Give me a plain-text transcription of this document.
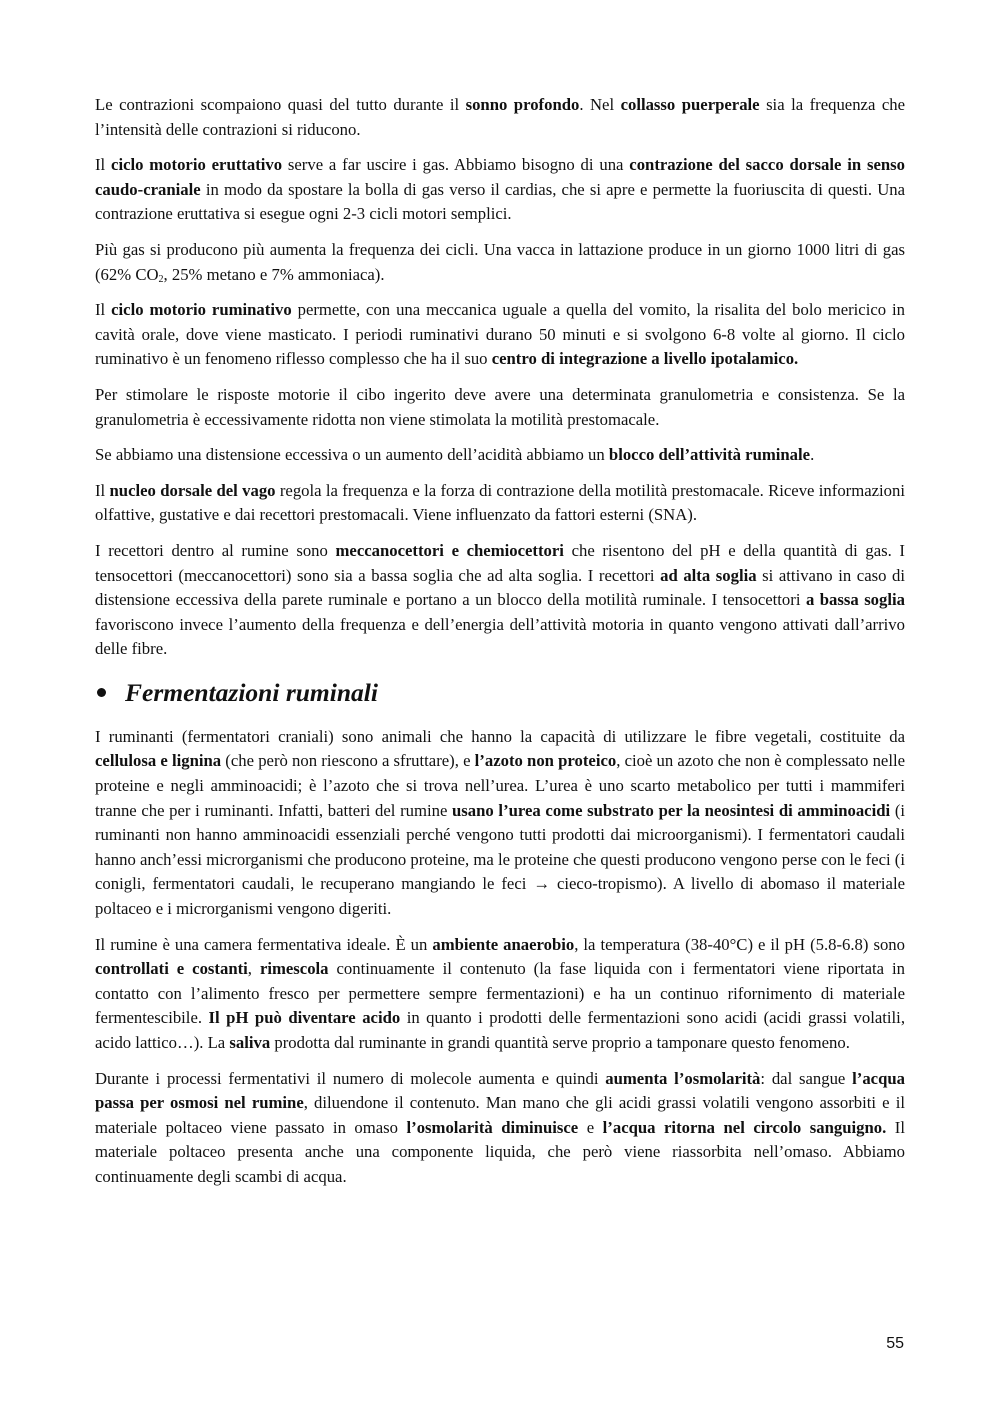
Le contrazioni scompaiono quasi del tutto durante il sonno profondo. Nel collasso puerperale sia la frequenza che l’intensità delle contrazioni si riducono.

Il ciclo motorio eruttativo serve a far uscire i gas. Abbiamo bisogno di una contrazione del sacco dorsale in senso caudo-craniale in modo da spostare la bolla di gas verso il cardias, che si apre e permette la fuoriuscita di questi. Una contrazione eruttativa si esegue ogni 2-3 cicli motori semplici.

Più gas si producono più aumenta la frequenza dei cicli. Una vacca in lattazione produce in un giorno 1000 litri di gas (62% $CO_2$, 25% metano e 7% ammoniaca).

Il ciclo motorio ruminativo permette, con una meccanica uguale a quella del vomito, la risalita del bolo mericico in cavità orale, dove viene masticato. I periodi ruminativi durano 50 minuti e si svolgono 6-8 volte al giorno. Il ciclo ruminativo è un fenomeno riflesso complesso che ha il suo centro di integrazione a livello ipotalamico.

Per stimolare le risposte motorie il cibo ingerito deve avere una determinata granulometria e consistenza. Se la granulometria è eccessivamente ridotta non viene stimolata la motilità prestomacale.

Se abbiamo una distensione eccessiva o un aumento dell’acidità abbiamo un blocco dell’attività ruminale.

Il nucleo dorsale del vago regola la frequenza e la forza di contrazione della motilità prestomacale. Riceve informazioni olfattive, gustative e dai recettori prestomacali. Viene influenzato da fattori esterni (SNA).

I recettori dentro al rumine sono meccanocettori e chemiocettori che risentono del pH e della quantità di gas. I tensocettori (meccanocettori) sono sia a bassa soglia che ad alta soglia. I recettori ad alta soglia si attivano in caso di distensione eccessiva della parete ruminale e portano a un blocco della motilità ruminale. I tensocettori a bassa soglia favoriscono invece l’aumento della frequenza e dell’energia dell’attività motoria in quanto vengono attivati dall’arrivo delle fibre.

Fermentazioni ruminali

I ruminanti (fermentatori craniali) sono animali che hanno la capacità di utilizzare le fibre vegetali, costituite da cellulosa e lignina (che però non riescono a sfruttare), e l’azoto non proteico, cioè un azoto che non è complessato nelle proteine e negli amminoacidi; è l’azoto che si trova nell’urea. L’urea è uno scarto metabolico per tutti i mammiferi tranne che per i ruminanti. Infatti, batteri del rumine usano l’urea come substrato per la neosintesi di amminoacidi (i ruminanti non hanno amminoacidi essenziali perché vengono tutti prodotti dai microorganismi). I fermentatori caudali hanno anch’essi microrganismi che producono proteine, ma le proteine che questi producono vengono perse con le feci (i conigli, fermentatori caudali, le recuperano mangiando le feci → cieco-tropismo). A livello di abomaso il materiale poltaceo e i microrganismi vengono digeriti.

Il rumine è una camera fermentativa ideale. È un ambiente anaerobio, la temperatura (38-40°C) e il pH (5.8-6.8) sono controllati e costanti, rimescola continuamente il contenuto (la fase liquida con i fermentatori viene riportata in contatto con l’alimento fresco per permettere sempre fermentazioni) e ha un continuo rifornimento di materiale fermentescibile. Il pH può diventare acido in quanto i prodotti delle fermentazioni sono acidi (acidi grassi volatili, acido lattico…). La saliva prodotta dal ruminante in grandi quantità serve proprio a tamponare questo fenomeno.

Durante i processi fermentativi il numero di molecole aumenta e quindi aumenta l’osmolarità: dal sangue l’acqua passa per osmosi nel rumine, diluendone il contenuto. Man mano che gli acidi grassi volatili vengono assorbiti e il materiale poltaceo viene passato in omaso l’osmolarità diminuisce e l’acqua ritorna nel circolo sanguigno. Il materiale poltaceo presenta anche una componente liquida, che però viene riassorbita nell’omaso. Abbiamo continuamente degli scambi di acqua.

55
